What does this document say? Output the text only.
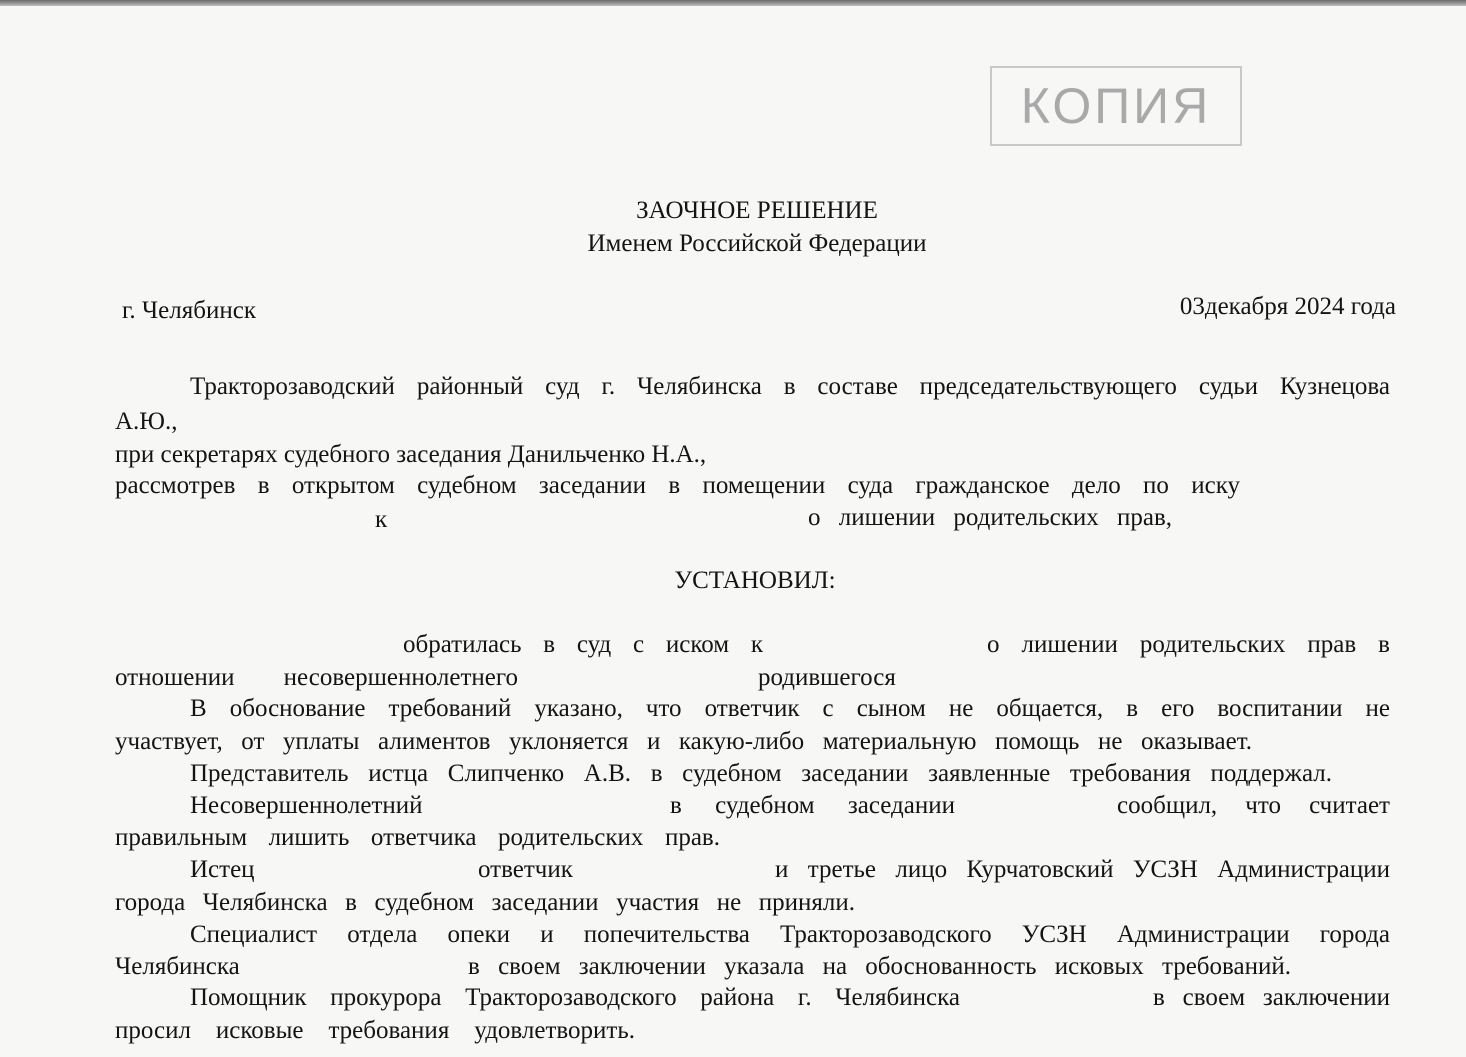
КОПИЯ
ЗАОЧНОЕ РЕШЕНИЕ
Именем Российской Федерации
г. Челябинск	03декабря 2024 года
Тракторозаводский районный суд г. Челябинска в составе председательствующего судьи Кузнецова
А.Ю.,
при секретарях судебного заседания Данильченко Н.А.,
рассмотрев в открытом судебном заседании в помещении суда гражданское дело по иску
к	о лишении родительских прав,
УСТАНОВИЛ:
обратилась в суд с иском к	о лишении родительских прав в
отношении несовершеннолетнего	родившегося
В обоснование требований указано, что ответчик с сыном не общается, в его воспитании не
участвует, от уплаты алиментов уклоняется и какую-либо материальную помощь не оказывает.
Представитель истца Слипченко А.В. в судебном заседании заявленные требования поддержал.
Несовершеннолетний	в судебном заседании	сообщил, что считает
правильным лишить ответчика родительских прав.
Истец	ответчик	и третье лицо Курчатовский УСЗН Администрации
города Челябинска в судебном заседании участия не приняли.
Специалист отдела опеки и попечительства Тракторозаводского УСЗН Администрации города
Челябинска	в своем заключении указала на обоснованность исковых требований.
Помощник прокурора Тракторозаводского района г. Челябинска	в своем заключении
просил исковые требования удовлетворить.
